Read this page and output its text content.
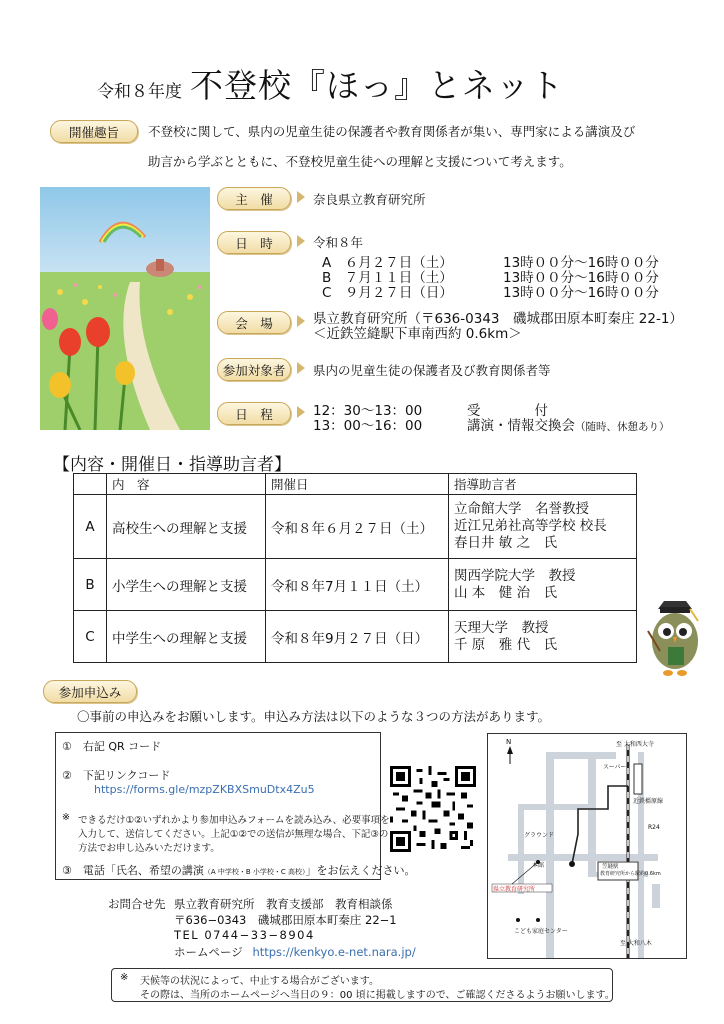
令和８年度 不登校『ほっ』とネット
開催趣旨 不登校に関して、県内の児童生徒の保護者や教育関係者が集い、専門家による講演及び
助言から学ぶとともに、不登校児童生徒への理解と支援について考えます。
主　催	奈良県立教育研究所
日　時	令和８年
A　６月２７日（土）	13時００分〜16時００分
B　７月１１日（土）	13時００分〜16時００分
C　９月２７日（日）	13時００分〜16時００分
会　場	県立教育研究所（〒636-0343　磯城郡田原本町秦庄 22-1）
＜近鉄笠縫駅下車南西約 0.6km＞
参加対象者 県内の児童生徒の保護者及び教育関係者等
日　程	12：30〜13：00	受　　　　付
13：00〜16：00	講演・情報交換会（随時、休憩あり）
【内容・開催日・指導助言者】
	内　容	開催日	指導助言者
A	高校生への理解と支援	令和８年６月２７日（土）	立命館大学　名誉教授
近江兄弟社高等学校 校長
春日井 敏 之　氏

B	小学生への理解と支援	令和８年7月１１日（土）	関西学院大学　教授
山 本　健 治　氏

C	中学生への理解と支援	令和８年9月２７日（日）	天理大学　教授
千 原　雅 代　氏
参加申込み
〇事前の申込みをお願いします。申込み方法は以下のような３つの方法があります。
①　右記 QR コード
②　下記リンクコード
https://forms.gle/mzpZKBXSmuDtx4Zu5
※ できるだけ①②いずれかより参加申込みフォームを読み込み、必要事項を
入力して、送信してください。上記①②での送信が無理な場合、下記③の
方法でお申し込みいただけます。
③　電話「氏名、希望の講演（A 中学校・B 小学校・C 高校）」をお伝えください。
N	至 大和西大寺
スーパー
近鉄橿原線
グラウンド
本館	笠縫駅
教育研究所から駅約0.6km
県立教育研究所
こども家庭センター
R24
至 大和八木
お問合せ先 県立教育研究所　教育支援部　教育相談係
〒636−0343　磯城郡田原本町秦庄 22−1
TEL 0744−33−8904
ホームページ https://kenkyo.e-net.nara.jp/
※ 天候等の状況によって、中止する場合がございます。
その際は、当所のホームページへ当日の９：00 頃に掲載しますので、ご確認くださるようお願いします。
